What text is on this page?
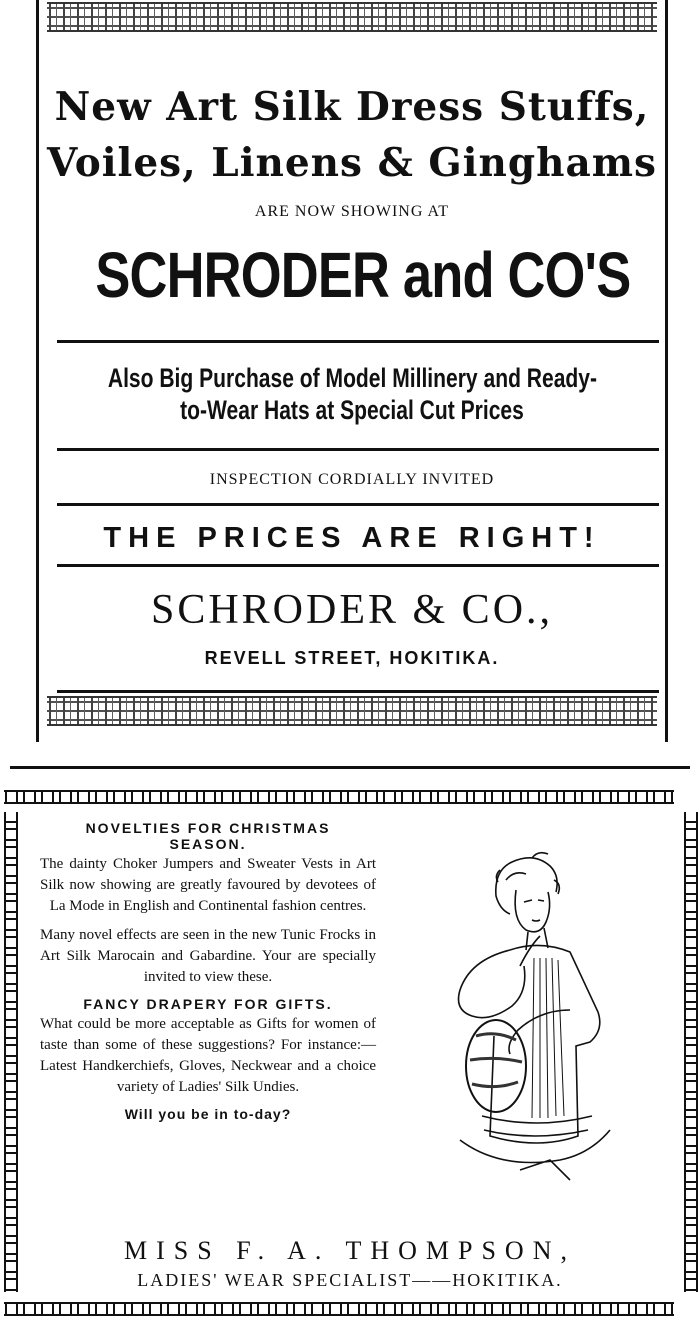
New Art Silk Dress Stuffs,
Voiles, Linens & Ginghams
ARE NOW SHOWING AT
SCHRODER and CO'S
Also Big Purchase of Model Millinery and Ready-
to-Wear Hats at Special Cut Prices
INSPECTION CORDIALLY INVITED
THE PRICES ARE RIGHT!
SCHRODER & CO.,
REVELL STREET, HOKITIKA.
NOVELTIES FOR CHRISTMAS
SEASON.
The dainty Choker Jumpers and Sweater Vests in Art Silk now showing are greatly favoured by devotees of La Mode in English and Continental fashion centres.
Many novel effects are seen in the new Tunic Frocks in Art Silk Marocain and Gabardine. Your are specially invited to view these.
FANCY DRAPERY FOR GIFTS.
What could be more acceptable as Gifts for women of taste than some of these suggestions? For instance:— Latest Handkerchiefs, Gloves, Neckwear and a choice variety of Ladies' Silk Undies.
Will you be in to-day?
MISS F. A. THOMPSON,
LADIES' WEAR SPECIALIST——HOKITIKA.
